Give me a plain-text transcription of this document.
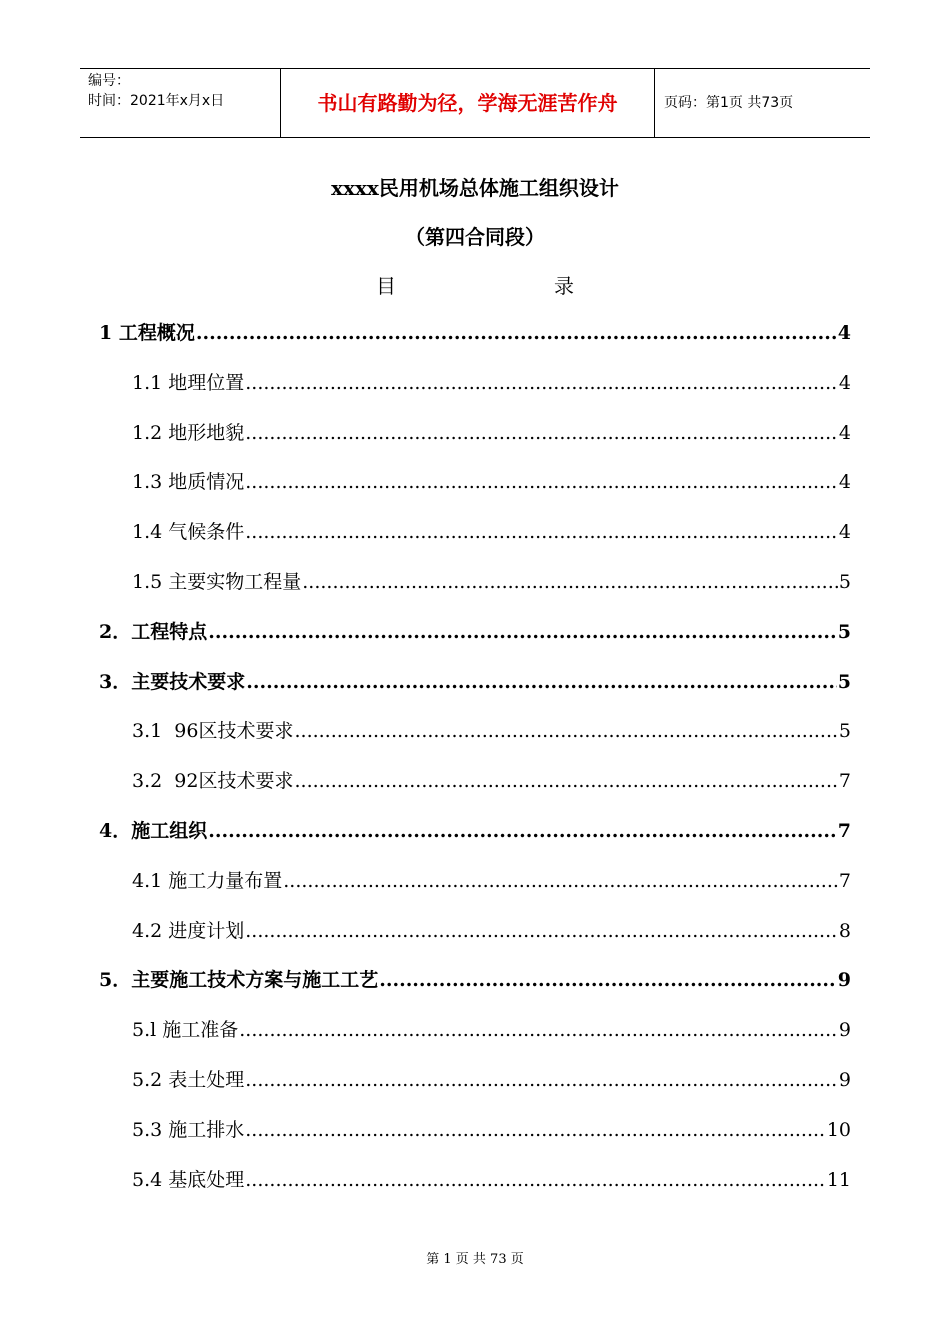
编号：
时间：2021年x月x日	书山有路勤为径，学海无涯苦作舟	页码：第1页 共73页
xxxx民用机场总体施工组织设计
（第四合同段）
目	录
1 工程概况 .....	4
1.1 地理位置 .....	4
1.2 地形地貌 .....	4
1.3 地质情况 .....	4
1.4 气候条件 .....	4
1.5 主要实物工程量 .....	5
2．工程特点 .....	5
3．主要技术要求 .....	5
3.1  96区技术要求 .....	5
3.2  92区技术要求 .....	7
4．施工组织 .....	7
4.1 施工力量布置 .....	7
4.2 进度计划 .....	8
5．主要施工技术方案与施工工艺 .....	9
5.l 施工准备 .....	9
5.2 表土处理 .....	9
5.3 施工排水 .....	10
5.4 基底处理 .....	11
第 1 页 共 73 页
